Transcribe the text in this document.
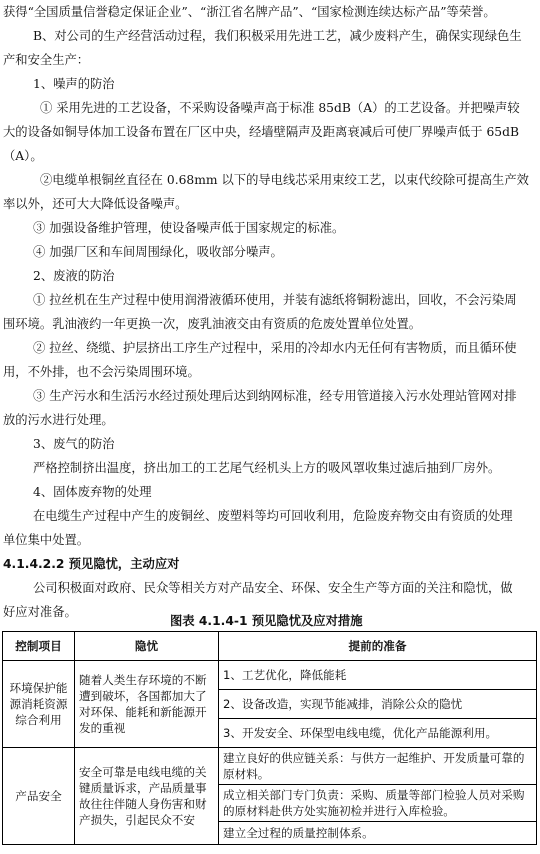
获得“全国质量信誉稳定保证企业”、“浙江省名牌产品”、“国家检测连续达标产品”等荣誉。
B、对公司的生产经营活动过程，我们积极采用先进工艺，减少废料产生，确保实现绿色生
产和安全生产：
1、噪声的防治
① 采用先进的工艺设备，不采购设备噪声高于标准 85dB（A）的工艺设备。并把噪声较
大的设备如铜导体加工设备布置在厂区中央，经墙壁隔声及距离衰减后可使厂界噪声低于 65dB
（A）。
②电缆单根铜丝直径在 0.68mm 以下的导电线芯采用束绞工艺，以束代绞除可提高生产效
率以外，还可大大降低设备噪声。
③ 加强设备维护管理，使设备噪声低于国家规定的标准。
④ 加强厂区和车间周围绿化，吸收部分噪声。
2、废液的防治
① 拉丝机在生产过程中使用润滑液循环使用，并装有滤纸将铜粉滤出，回收，不会污染周
围环境。乳油液约一年更换一次，废乳油液交由有资质的危废处置单位处置。
② 拉丝、绕缆、护层挤出工序生产过程中，采用的冷却水内无任何有害物质，而且循环使
用，不外排，也不会污染周围环境。
③ 生产污水和生活污水经过预处理后达到纳网标准，经专用管道接入污水处理站管网对排
放的污水进行处理。
3、废气的防治
严格控制挤出温度，挤出加工的工艺尾气经机头上方的吸风罩收集过滤后抽到厂房外。
4、固体废弃物的处理
在电缆生产过程中产生的废铜丝、废塑料等均可回收利用，危险废弃物交由有资质的处理
单位集中处置。
4.1.4.2.2 预见隐忧，主动应对
公司积极面对政府、民众等相关方对产品安全、环保、安全生产等方面的关注和隐忧，做
好应对准备。
图表 4.1.4-1 预见隐忧及应对措施
控制项目	隐忧	提前的准备
环境保护能源消耗资源综合利用	随着人类生存环境的不断遭到破坏，各国都加大了对环保、能耗和新能源开发的重视	1、工艺优化，降低能耗
		2、设备改造，实现节能减排，消除公众的隐忧
		3、开发安全、环保型电线电缆，优化产品能源利用。
产品安全	安全可靠是电线电缆的关键质量诉求，产品质量事故往往伴随人身伤害和财产损失，引起民众不安	建立良好的供应链关系：与供方一起维护、开发质量可靠的原材料。
		成立相关部门专门负责：采购、质量等部门检验人员对采购的原材料赴供方处实施初检并进行入库检验。
		建立全过程的质量控制体系。
